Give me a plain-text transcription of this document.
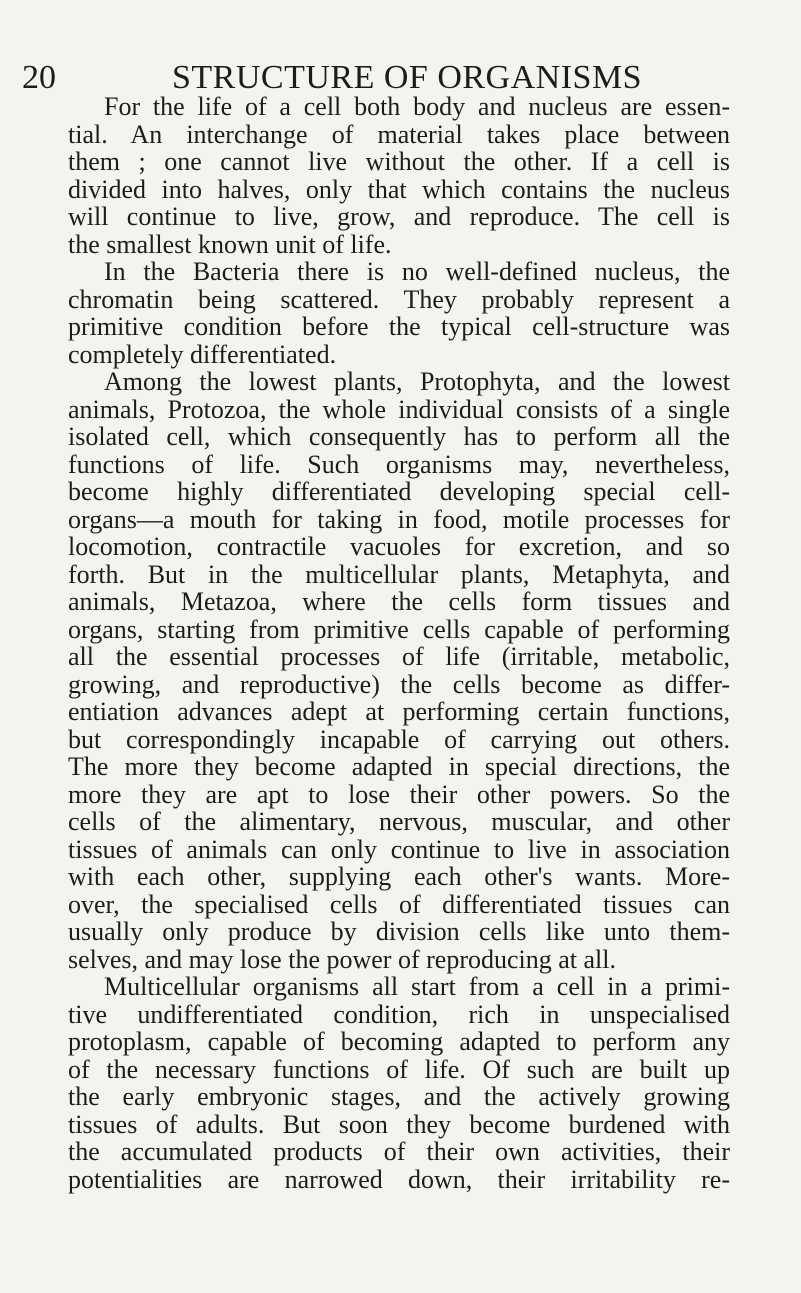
20	STRUCTURE OF ORGANISMS
For the life of a cell both body and nucleus are essen-
tial. An interchange of material takes place between
them ; one cannot live without the other. If a cell is
divided into halves, only that which contains the nucleus
will continue to live, grow, and reproduce. The cell is
the smallest known unit of life.
In the Bacteria there is no well-defined nucleus, the
chromatin being scattered. They probably represent a
primitive condition before the typical cell-structure was
completely differentiated.
Among the lowest plants, Protophyta, and the lowest
animals, Protozoa, the whole individual consists of a single
isolated cell, which consequently has to perform all the
functions of life. Such organisms may, nevertheless,
become highly differentiated developing special cell-
organs—a mouth for taking in food, motile processes for
locomotion, contractile vacuoles for excretion, and so
forth. But in the multicellular plants, Metaphyta, and
animals, Metazoa, where the cells form tissues and
organs, starting from primitive cells capable of performing
all the essential processes of life (irritable, metabolic,
growing, and reproductive) the cells become as differ-
entiation advances adept at performing certain functions,
but correspondingly incapable of carrying out others.
The more they become adapted in special directions, the
more they are apt to lose their other powers. So the
cells of the alimentary, nervous, muscular, and other
tissues of animals can only continue to live in association
with each other, supplying each other's wants. More-
over, the specialised cells of differentiated tissues can
usually only produce by division cells like unto them-
selves, and may lose the power of reproducing at all.
Multicellular organisms all start from a cell in a primi-
tive undifferentiated condition, rich in unspecialised
protoplasm, capable of becoming adapted to perform any
of the necessary functions of life. Of such are built up
the early embryonic stages, and the actively growing
tissues of adults. But soon they become burdened with
the accumulated products of their own activities, their
potentialities are narrowed down, their irritability re-
